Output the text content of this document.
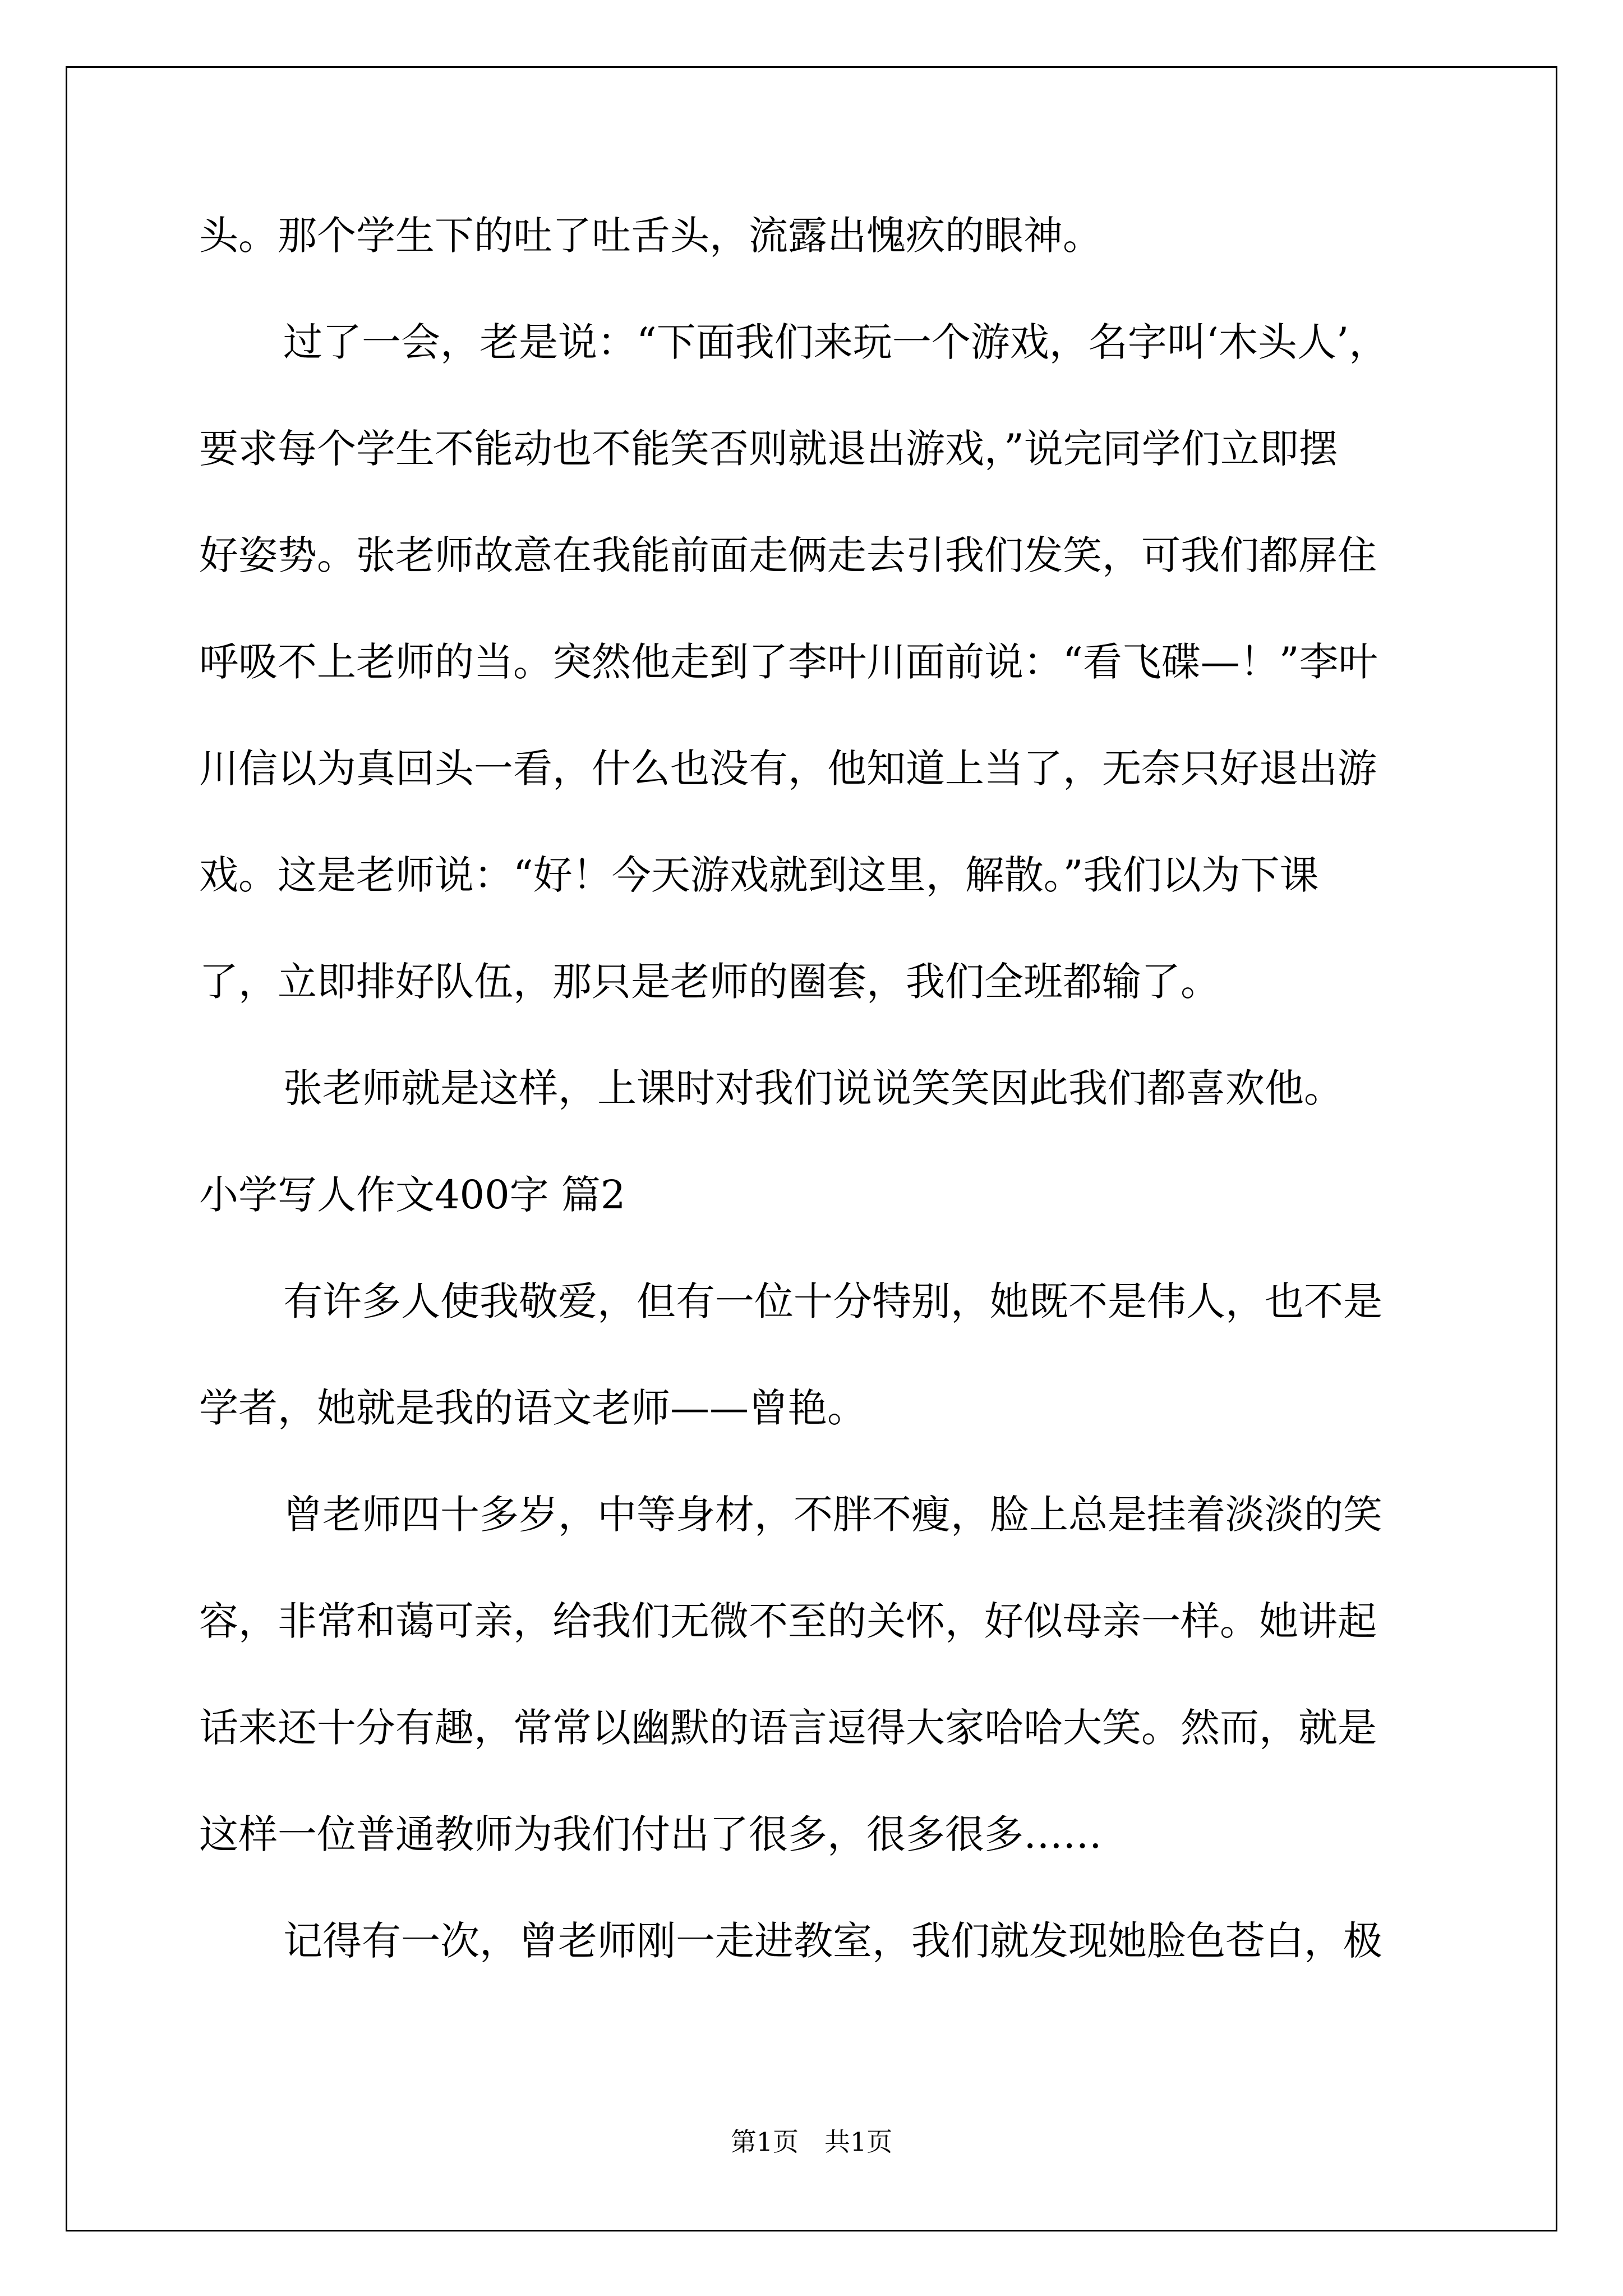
头。那个学生下的吐了吐舌头，流露出愧疚的眼神。
过了一会，老是说：“下面我们来玩一个游戏，名字叫‘木头人’，
要求每个学生不能动也不能笑否则就退出游戏，”说完同学们立即摆
好姿势。张老师故意在我能前面走俩走去引我们发笑，可我们都屏住
呼吸不上老师的当。突然他走到了李叶川面前说：“看飞碟—！”李叶
川信以为真回头一看，什么也没有，他知道上当了，无奈只好退出游
戏。这是老师说：“好！今天游戏就到这里，解散。”我们以为下课
了，立即排好队伍，那只是老师的圈套，我们全班都输了。
张老师就是这样，上课时对我们说说笑笑因此我们都喜欢他。
小学写人作文400字 篇2
有许多人使我敬爱，但有一位十分特别，她既不是伟人，也不是
学者，她就是我的语文老师——曾艳。
曾老师四十多岁，中等身材，不胖不瘦，脸上总是挂着淡淡的笑
容，非常和蔼可亲，给我们无微不至的关怀，好似母亲一样。她讲起
话来还十分有趣，常常以幽默的语言逗得大家哈哈大笑。然而，就是
这样一位普通教师为我们付出了很多，很多很多……
记得有一次，曾老师刚一走进教室，我们就发现她脸色苍白，极
第1页　共1页
